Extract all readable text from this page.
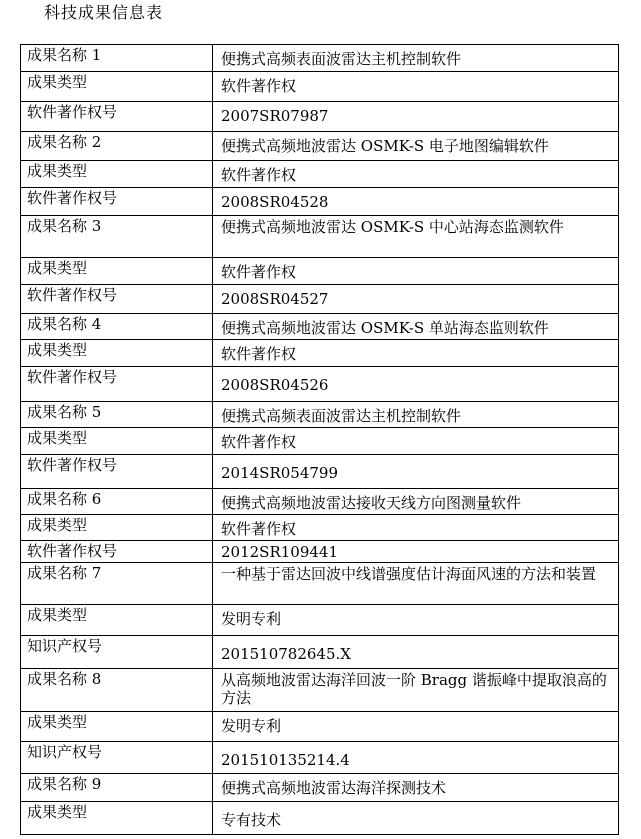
科技成果信息表
成果名称 1	便携式高频表面波雷达主机控制软件

成果类型	软件著作权

软件著作权号	2007SR07987

成果名称 2	便携式高频地波雷达 OSMK-S 电子地图编辑软件

成果类型	软件著作权

软件著作权号	2008SR04528

成果名称 3	便携式高频地波雷达 OSMK-S 中心站海态监测软件

成果类型	软件著作权

软件著作权号	2008SR04527

成果名称 4	便携式高频地波雷达 OSMK-S 单站海态监则软件

成果类型	软件著作权

软件著作权号	2008SR04526

成果名称 5	便携式高频表面波雷达主机控制软件

成果类型	软件著作权

软件著作权号	2014SR054799

成果名称 6	便携式高频地波雷达接收天线方向图测量软件

成果类型	软件著作权

软件著作权号	2012SR109441

成果名称 7	一种基于雷达回波中线谱强度估计海面风速的方法和装置

成果类型	发明专利

知识产权号	201510782645.X

成果名称 8	从高频地波雷达海洋回波一阶 Bragg 谐振峰中提取浪高的方法

成果类型	发明专利

知识产权号	201510135214.4

成果名称 9	便携式高频地波雷达海洋探测技术

成果类型	专有技术
